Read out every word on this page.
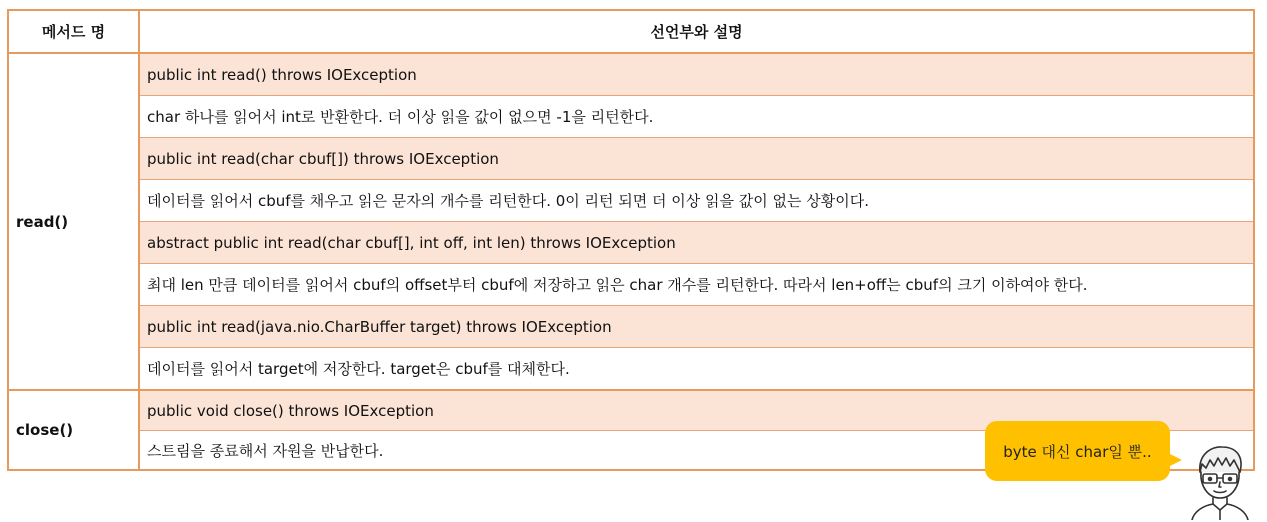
메서드 명	선언부와 설명
read()
public int read() throws IOException
char 하나를 읽어서 int로 반환한다. 더 이상 읽을 값이 없으면 -1을 리턴한다.
public int read(char cbuf[]) throws IOException
데이터를 읽어서 cbuf를 채우고 읽은 문자의 개수를 리턴한다. 0이 리턴 되면 더 이상 읽을 값이 없는 상황이다.
abstract public int read(char cbuf[], int off, int len) throws IOException
최대 len 만큼 데이터를 읽어서 cbuf의 offset부터 cbuf에 저장하고 읽은 char 개수를 리턴한다. 따라서 len+off는 cbuf의 크기 이하여야 한다.
public int read(java.nio.CharBuffer target) throws IOException
데이터를 읽어서 target에 저장한다. target은 cbuf를 대체한다.
close()
public void close() throws IOException
스트림을 종료해서 자원을 반납한다.	byte 대신 char일 뿐..
